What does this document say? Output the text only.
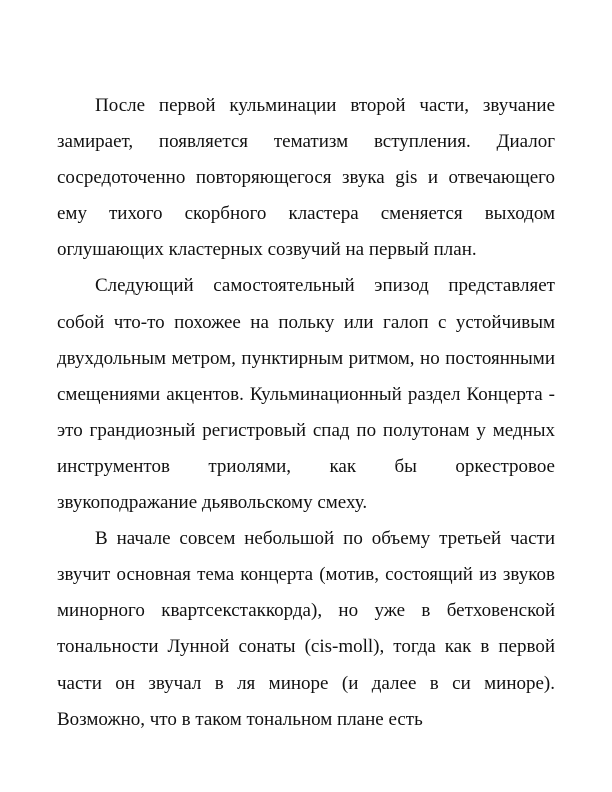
После первой кульминации второй части, звучание замирает, появляется тематизм вступления. Диалог сосредоточенно повторяющегося звука gis и отвечающего ему тихого скорбного кластера сменяется выходом оглушающих кластерных созвучий на первый план.

Следующий самостоятельный эпизод представляет собой что-то похожее на польку или галоп с устойчивым двухдольным метром, пунктирным ритмом, но постоянными смещениями акцентов. Кульминационный раздел Концерта - это грандиозный регистровый спад по полутонам у медных инструментов триолями, как бы оркестровое звукоподражание дьявольскому смеху.

В начале совсем небольшой по объему третьей части звучит основная тема концерта (мотив, состоящий из звуков минорного квартсекстаккорда), но уже в бетховенской тональности Лунной сонаты (cis-moll), тогда как в первой части он звучал в ля миноре (и далее в си миноре). Возможно, что в таком тональном плане есть
